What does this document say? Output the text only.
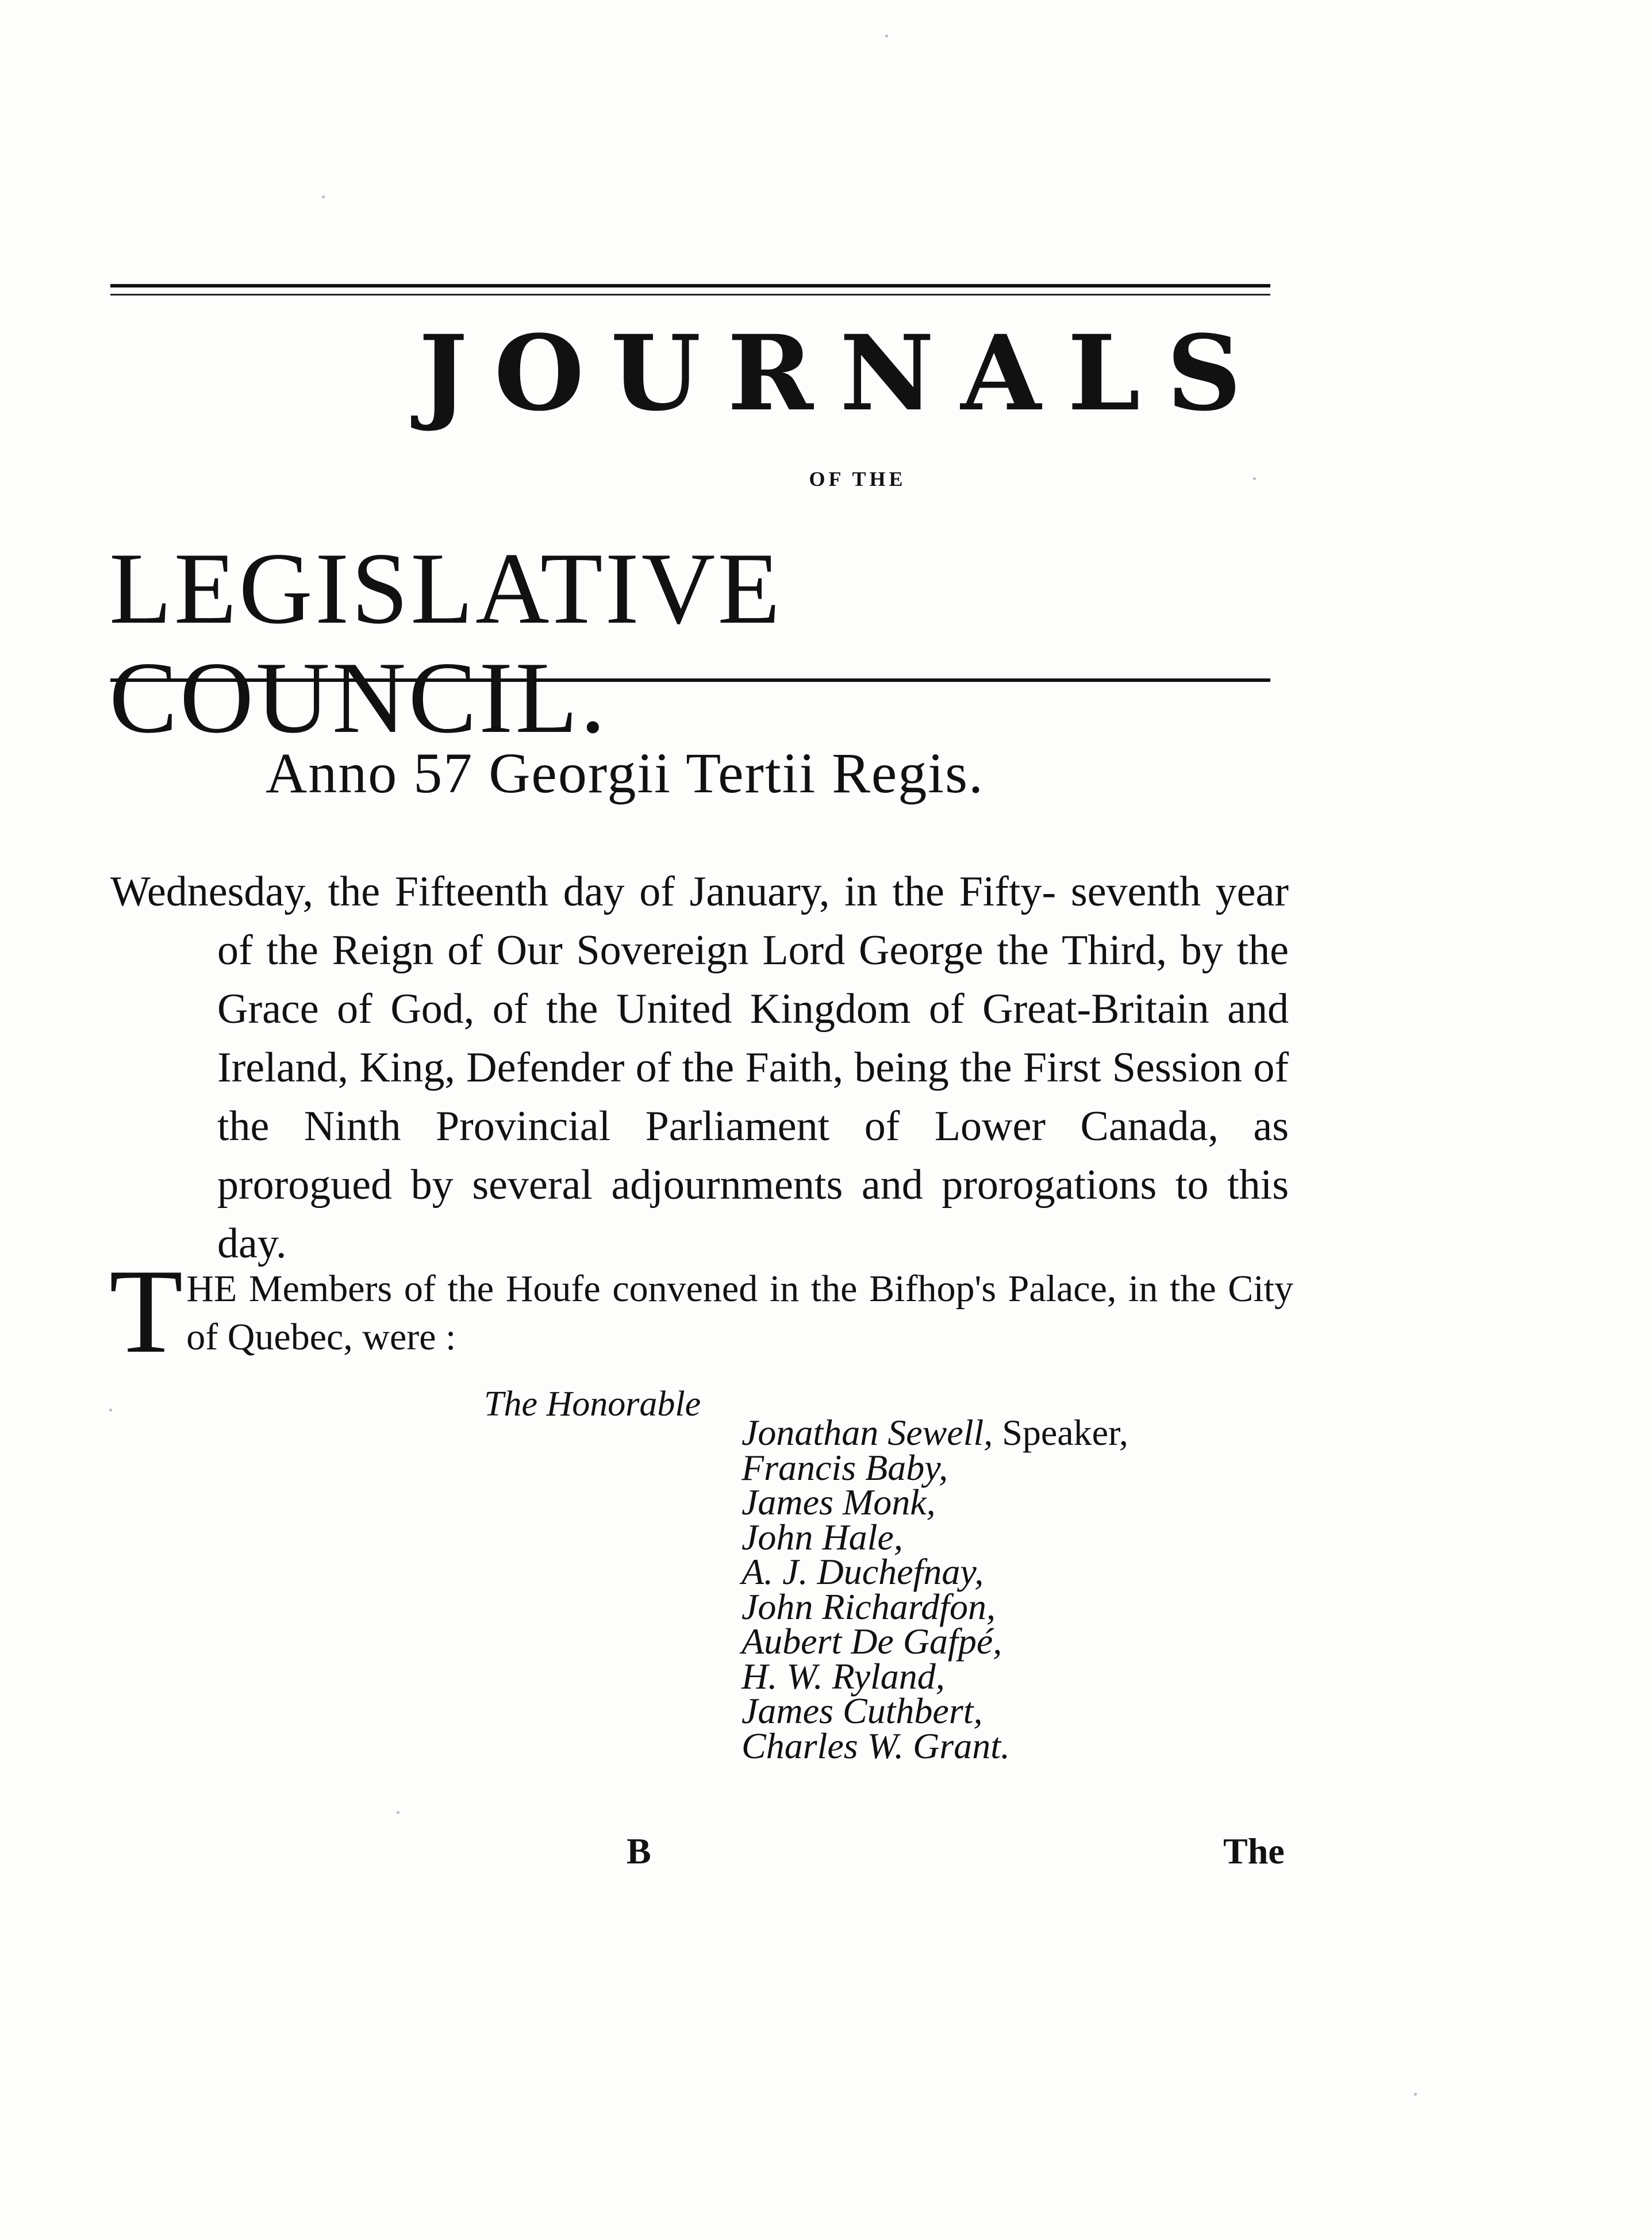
JOURNALS
OF THE
LEGISLATIVE COUNCIL.
Anno 57 Georgii Tertii Regis.
Wednesday, the Fifteenth day of January, in the Fifty- seventh year of the Reign of Our Sovereign Lord George the Third, by the Grace of God, of the United Kingdom of Great-Britain and Ireland, King, Defender of the Faith, being the First Session of the Ninth Provincial Parliament of Lower Canada, as prorogued by several adjournments and prorogations to this day.
T HE Members of the Houfe convened in the Bifhop's Palace, in the City of Quebec, were :
The Honorable
Jonathan Sewell, Speaker,
Francis Baby,
James Monk,
John Hale,
A. J. Duchefnay,
John Richardfon,
Aubert De Gafpé,
H. W. Ryland,
James Cuthbert,
Charles W. Grant.
B	The
